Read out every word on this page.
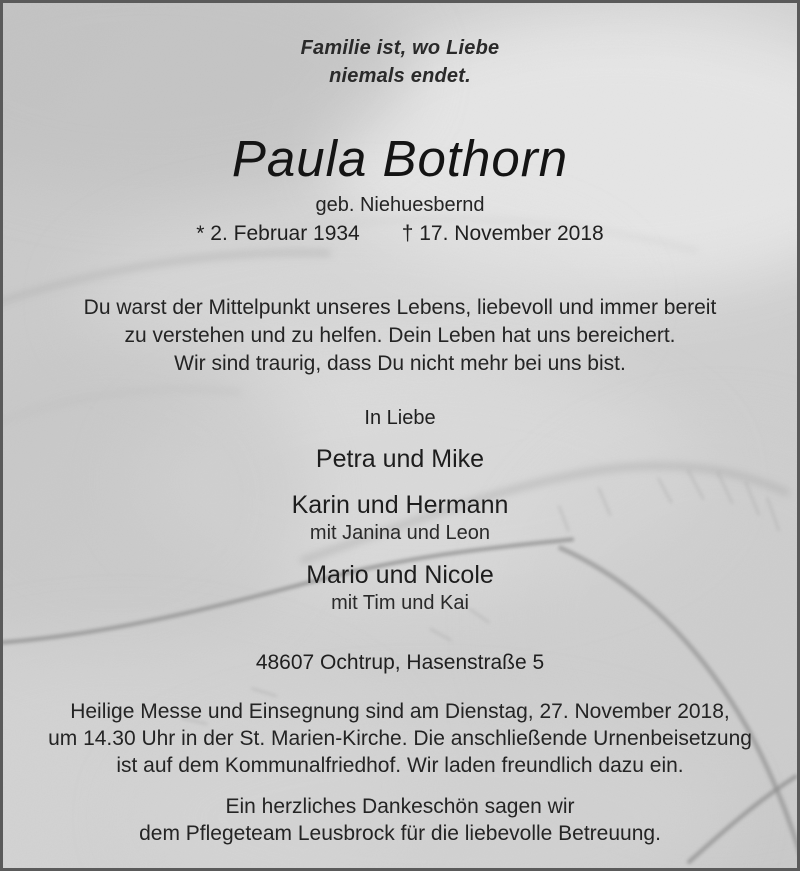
Familie ist, wo Liebe
niemals endet.
Paula Bothorn
geb. Niehuesbernd
* 2. Februar 1934 † 17. November 2018
Du warst der Mittelpunkt unseres Lebens, liebevoll und immer bereit
zu verstehen und zu helfen. Dein Leben hat uns bereichert.
Wir sind traurig, dass Du nicht mehr bei uns bist.
In Liebe
Petra und Mike
Karin und Hermann
mit Janina und Leon
Mario und Nicole
mit Tim und Kai
48607 Ochtrup, Hasenstraße 5
Heilige Messe und Einsegnung sind am Dienstag, 27. November 2018,
um 14.30 Uhr in der St. Marien-Kirche. Die anschließende Urnenbeisetzung
ist auf dem Kommunalfriedhof. Wir laden freundlich dazu ein.
Ein herzliches Dankeschön sagen wir
dem Pflegeteam Leusbrock für die liebevolle Betreuung.
